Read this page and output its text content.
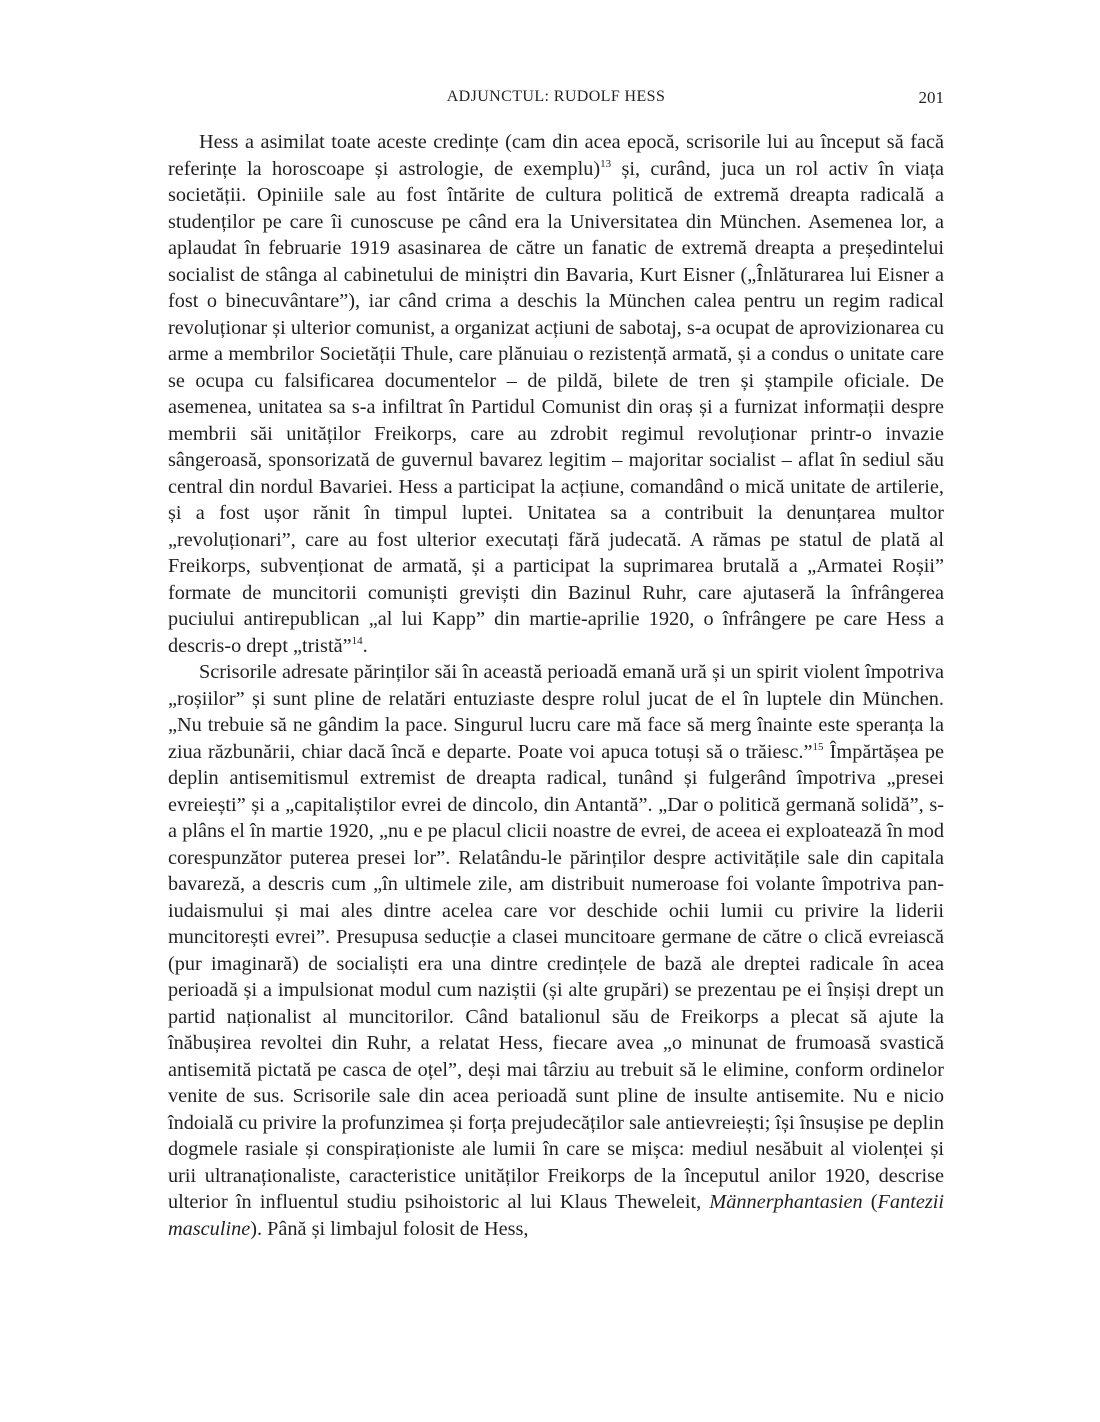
ADJUNCTUL: RUDOLF HESS	201

Hess a asimilat toate aceste credințe (cam din acea epocă, scrisorile lui au început să facă referințe la horoscoape și astrologie, de exemplu)$^{13}$ și, curând, juca un rol activ în viața societății. Opiniile sale au fost întărite de cultura politică de extremă dreapta radicală a studenților pe care îi cunoscuse pe când era la Universitatea din München. Asemenea lor, a aplaudat în februarie 1919 asasinarea de către un fanatic de extremă dreapta a președintelui socialist de stânga al cabinetului de miniștri din Bavaria, Kurt Eisner („Înlăturarea lui Eisner a fost o binecuvântare”), iar când crima a deschis la München calea pentru un regim radical revoluționar și ulterior comunist, a organizat acțiuni de sabotaj, s-a ocupat de aprovizionarea cu arme a membrilor Societății Thule, care plănuiau o rezistență armată, și a condus o unitate care se ocupa cu falsificarea documentelor – de pildă, bilete de tren și ștampile oficiale. De asemenea, unitatea sa s-a infiltrat în Partidul Comunist din oraș și a furnizat informații despre membrii săi unităților Freikorps, care au zdrobit regimul revoluționar printr-o invazie sângeroasă, sponsorizată de guvernul bavarez legitim – majoritar socialist – aflat în sediul său central din nordul Bavariei. Hess a participat la acțiune, comandând o mică unitate de artilerie, și a fost ușor rănit în timpul luptei. Unitatea sa a contribuit la denunțarea multor „revoluționari”, care au fost ulterior executați fără judecată. A rămas pe statul de plată al Freikorps, subvenționat de armată, și a participat la suprimarea brutală a „Armatei Roșii” formate de muncitorii comuniști greviști din Bazinul Ruhr, care ajutaseră la înfrângerea puciului antirepublican „al lui Kapp” din martie-aprilie 1920, o înfrângere pe care Hess a descris-o drept „tristă”$^{14}$.

Scrisorile adresate părinților săi în această perioadă emană ură și un spirit violent împotriva „roșiilor” și sunt pline de relatări entuziaste despre rolul jucat de el în luptele din München. „Nu trebuie să ne gândim la pace. Singurul lucru care mă face să merg înainte este speranța la ziua răzbunării, chiar dacă încă e departe. Poate voi apuca totuși să o trăiesc.”$^{15}$ Împărtășea pe deplin antisemitismul extremist de dreapta radical, tunând și fulgerând împotriva „presei evreiești” și a „capitaliștilor evrei de dincolo, din Antantă”. „Dar o politică germană solidă”, s-a plâns el în martie 1920, „nu e pe placul clicii noastre de evrei, de aceea ei exploatează în mod corespunzător puterea presei lor”. Relatându-le părinților despre activitățile sale din capitala bavareză, a descris cum „în ultimele zile, am distribuit numeroase foi volante împotriva pan-iudaismului și mai ales dintre acelea care vor deschide ochii lumii cu privire la liderii muncitorești evrei”. Presupusa seducție a clasei muncitoare germane de către o clică evreiască (pur imaginară) de socialiști era una dintre credințele de bază ale dreptei radicale în acea perioadă și a impulsionat modul cum naziștii (și alte grupări) se prezentau pe ei înșiși drept un partid naționalist al muncitorilor. Când batalionul său de Freikorps a plecat să ajute la înăbușirea revoltei din Ruhr, a relatat Hess, fiecare avea „o minunat de frumoasă svastică antisemită pictată pe casca de oțel”, deși mai târziu au trebuit să le elimine, conform ordinelor venite de sus. Scrisorile sale din acea perioadă sunt pline de insulte antisemite. Nu e nicio îndoială cu privire la profunzimea și forța prejudecăților sale antievreiești; își însușise pe deplin dogmele rasiale și conspiraționiste ale lumii în care se mișca: mediul nesăbuit al violenței și urii ultranaționaliste, caracteristice unităților Freikorps de la începutul anilor 1920, descrise ulterior în influentul studiu psihoistoric al lui Klaus Theweleit, Männerphantasien (Fantezii masculine). Până și limbajul folosit de Hess,
